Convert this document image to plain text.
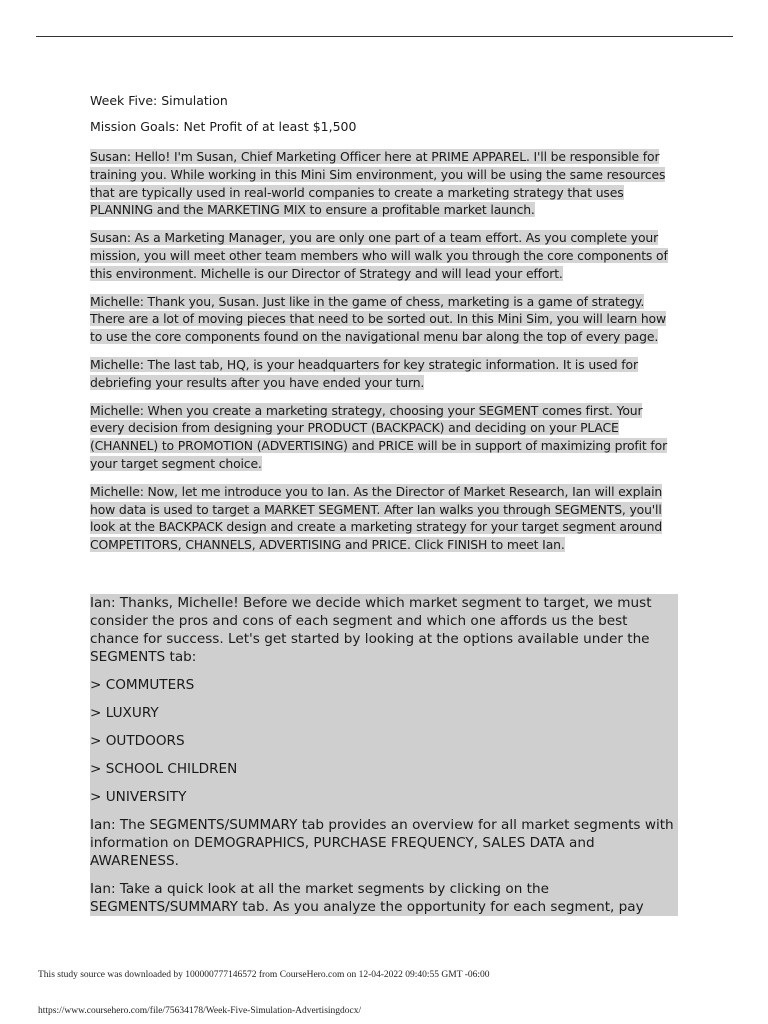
Week Five: Simulation

Mission Goals: Net Profit of at least $1,500

Susan: Hello! I'm Susan, Chief Marketing Officer here at PRIME APPAREL. I'll be responsible for training you. While working in this Mini Sim environment, you will be using the same resources that are typically used in real-world companies to create a marketing strategy that uses PLANNING and the MARKETING MIX to ensure a profitable market launch.

Susan: As a Marketing Manager, you are only one part of a team effort. As you complete your mission, you will meet other team members who will walk you through the core components of this environment. Michelle is our Director of Strategy and will lead your effort.

Michelle: Thank you, Susan. Just like in the game of chess, marketing is a game of strategy. There are a lot of moving pieces that need to be sorted out. In this Mini Sim, you will learn how to use the core components found on the navigational menu bar along the top of every page.

Michelle: The last tab, HQ, is your headquarters for key strategic information. It is used for debriefing your results after you have ended your turn.

Michelle: When you create a marketing strategy, choosing your SEGMENT comes first. Your every decision from designing your PRODUCT (BACKPACK) and deciding on your PLACE (CHANNEL) to PROMOTION (ADVERTISING) and PRICE will be in support of maximizing profit for your target segment choice.

Michelle: Now, let me introduce you to Ian. As the Director of Market Research, Ian will explain how data is used to target a MARKET SEGMENT. After Ian walks you through SEGMENTS, you'll look at the BACKPACK design and create a marketing strategy for your target segment around COMPETITORS, CHANNELS, ADVERTISING and PRICE. Click FINISH to meet Ian.

Ian: Thanks, Michelle! Before we decide which market segment to target, we must consider the pros and cons of each segment and which one affords us the best chance for success. Let's get started by looking at the options available under the SEGMENTS tab:

> COMMUTERS

> LUXURY

> OUTDOORS

> SCHOOL CHILDREN

> UNIVERSITY

Ian: The SEGMENTS/SUMMARY tab provides an overview for all market segments with information on DEMOGRAPHICS, PURCHASE FREQUENCY, SALES DATA and AWARENESS.

Ian: Take a quick look at all the market segments by clicking on the SEGMENTS/SUMMARY tab. As you analyze the opportunity for each segment, pay

This study source was downloaded by 100000777146572 from CourseHero.com on 12-04-2022 09:40:55 GMT -06:00
https://www.coursehero.com/file/75634178/Week-Five-Simulation-Advertisingdocx/
